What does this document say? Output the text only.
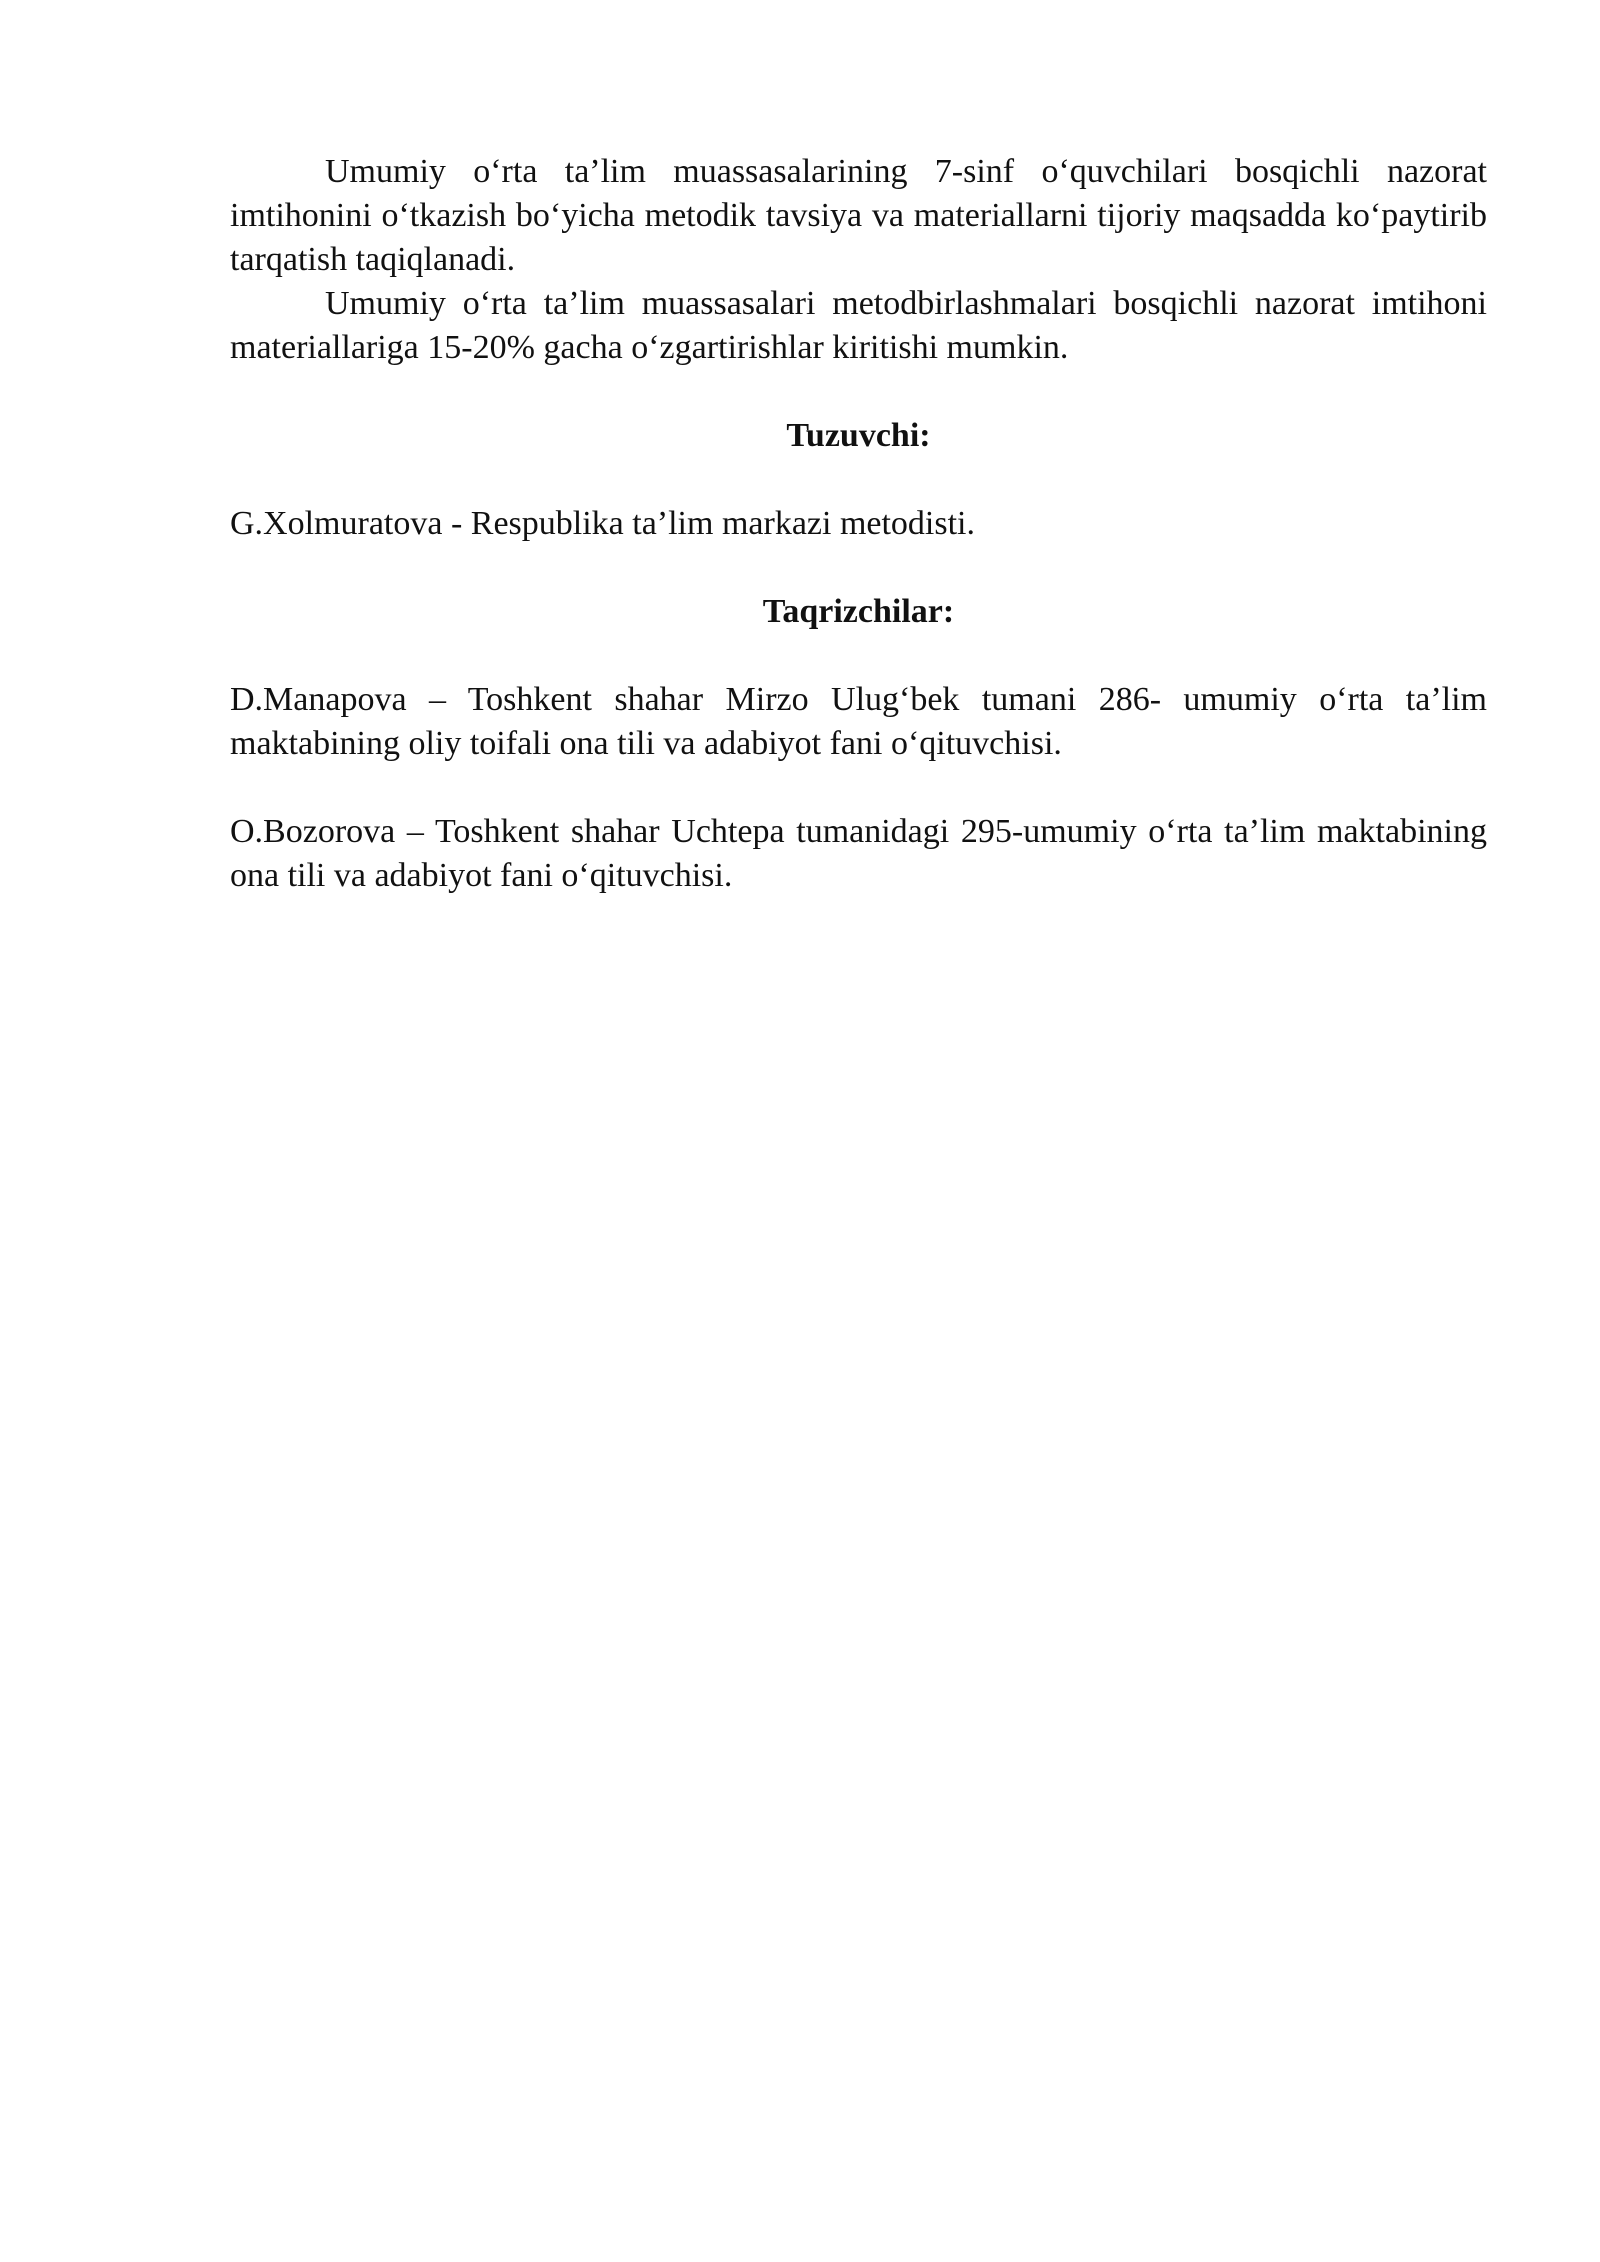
Umumiy o‘rta ta’lim muassasalarining 7-sinf o‘quvchilari bosqichli nazorat imtihonini o‘tkazish bo‘yicha metodik tavsiya va materiallarni tijoriy maqsadda ko‘paytirib tarqatish taqiqlanadi.

Umumiy o‘rta ta’lim muassasalari metodbirlashmalari bosqichli nazorat imtihoni materiallariga 15-20% gacha o‘zgartirishlar kiritishi mumkin.

Tuzuvchi:

G.Xolmuratova - Respublika ta’lim markazi metodisti.

Taqrizchilar:

D.Manapova – Toshkent shahar Mirzo Ulug‘bek tumani 286- umumiy o‘rta ta’lim maktabining oliy toifali ona tili va adabiyot fani o‘qituvchisi.

O.Bozorova – Toshkent shahar Uchtepa tumanidagi 295-umumiy o‘rta ta’lim maktabining ona tili va adabiyot fani o‘qituvchisi.
